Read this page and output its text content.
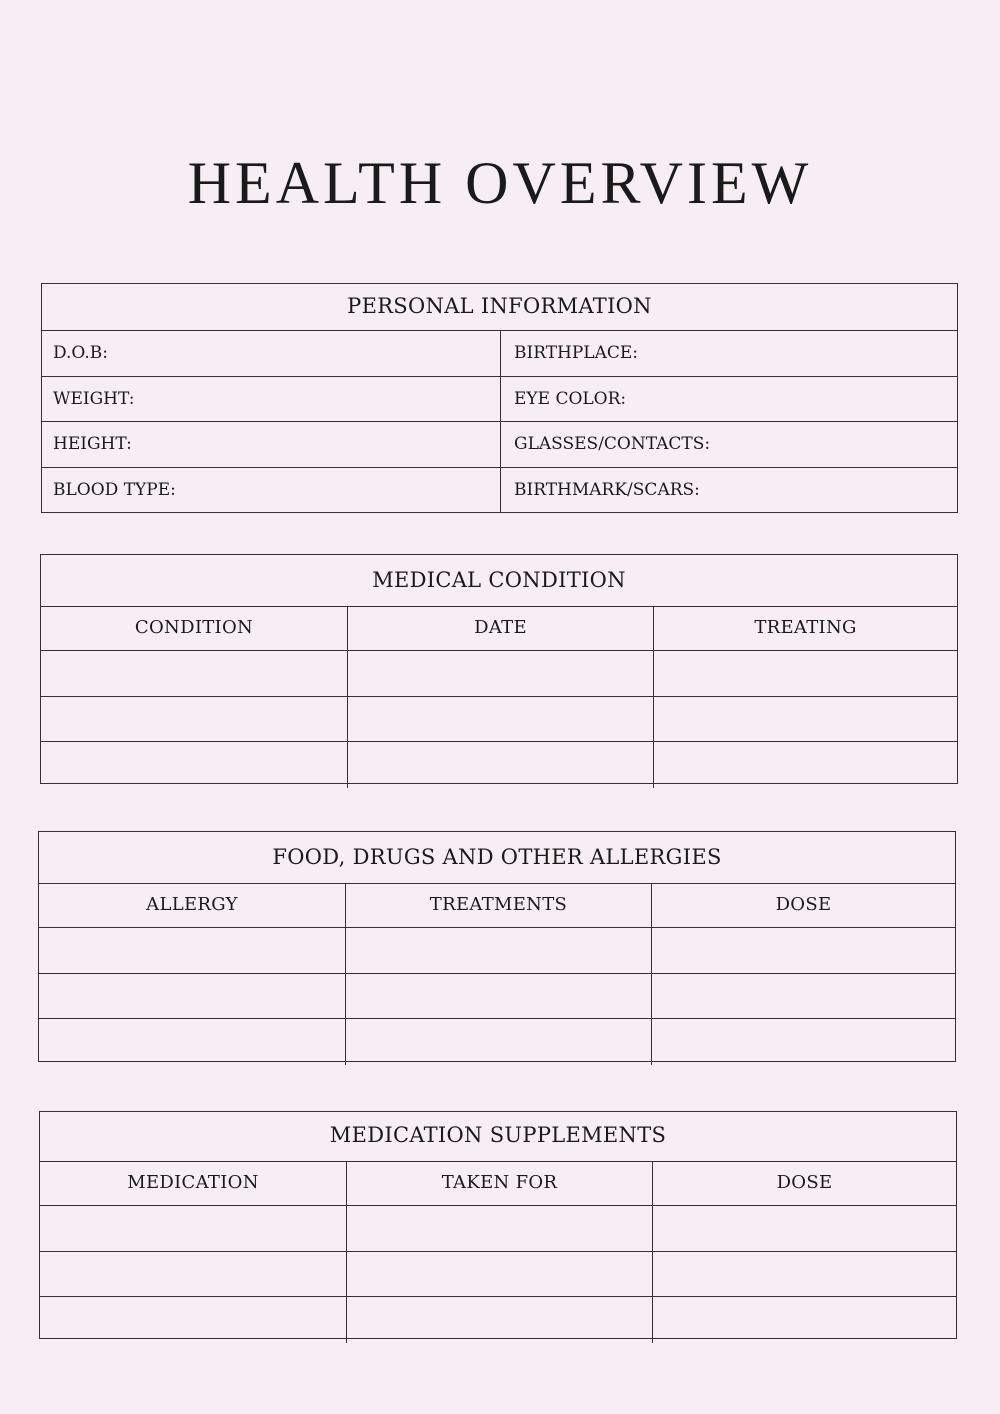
HEALTH OVERVIEW
PERSONAL INFORMATION
D.O.B:	BIRTHPLACE:
WEIGHT:	EYE COLOR:
HEIGHT:	GLASSES/CONTACTS:
BLOOD TYPE:	BIRTHMARK/SCARS:
MEDICAL CONDITION
CONDITION	DATE	TREATING
FOOD, DRUGS AND OTHER ALLERGIES
ALLERGY	TREATMENTS	DOSE
MEDICATION SUPPLEMENTS
MEDICATION	TAKEN FOR	DOSE
